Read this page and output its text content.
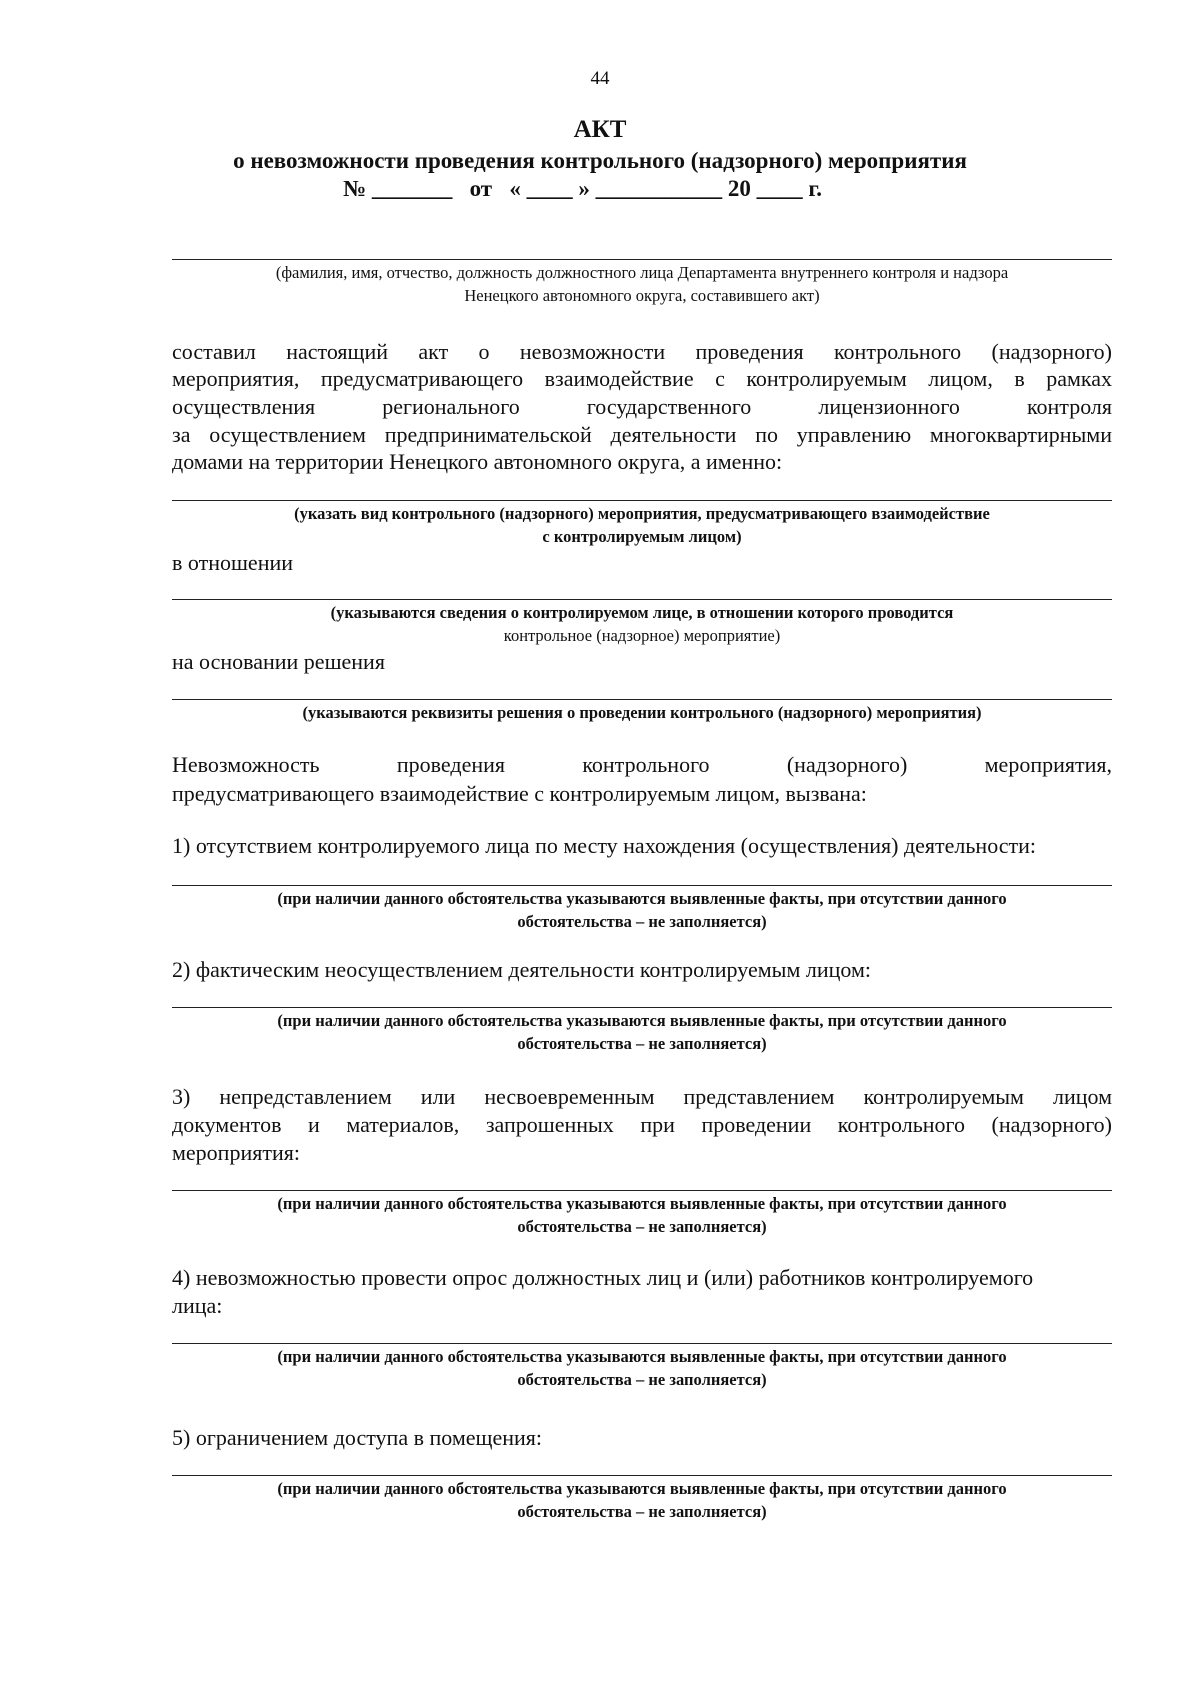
44
АКТ
о невозможности проведения контрольного (надзорного) мероприятия
№ _______   от   « ____ » ___________ 20 ____ г.
(фамилия, имя, отчество, должность должностного лица Департамента внутреннего контроля и надзора
Ненецкого автономного округа, составившего акт)
составил настоящий акт о невозможности проведения контрольного (надзорного)
мероприятия, предусматривающего взаимодействие с контролируемым лицом, в рамках
осуществления регионального государственного лицензионного контроля
за осуществлением предпринимательской деятельности по управлению многоквартирными
домами на территории Ненецкого автономного округа, а именно:
(указать вид контрольного (надзорного) мероприятия, предусматривающего взаимодействие
с контролируемым лицом)
в отношении
(указываются сведения о контролируемом лице, в отношении которого проводится
контрольное (надзорное) мероприятие)
на основании решения
(указываются реквизиты решения о проведении контрольного (надзорного) мероприятия)
Невозможность проведения контрольного (надзорного) мероприятия,
предусматривающего взаимодействие с контролируемым лицом, вызвана:
1) отсутствием контролируемого лица по месту нахождения (осуществления) деятельности:
(при наличии данного обстоятельства указываются выявленные факты, при отсутствии данного
обстоятельства – не заполняется)
2) фактическим неосуществлением деятельности контролируемым лицом:
(при наличии данного обстоятельства указываются выявленные факты, при отсутствии данного
обстоятельства – не заполняется)
3) непредставлением или несвоевременным представлением контролируемым лицом
документов и материалов, запрошенных при проведении контрольного (надзорного)
мероприятия:
(при наличии данного обстоятельства указываются выявленные факты, при отсутствии данного
обстоятельства – не заполняется)
4) невозможностью провести опрос должностных лиц и (или) работников контролируемого
лица:
(при наличии данного обстоятельства указываются выявленные факты, при отсутствии данного
обстоятельства – не заполняется)
5) ограничением доступа в помещения:
(при наличии данного обстоятельства указываются выявленные факты, при отсутствии данного
обстоятельства – не заполняется)
